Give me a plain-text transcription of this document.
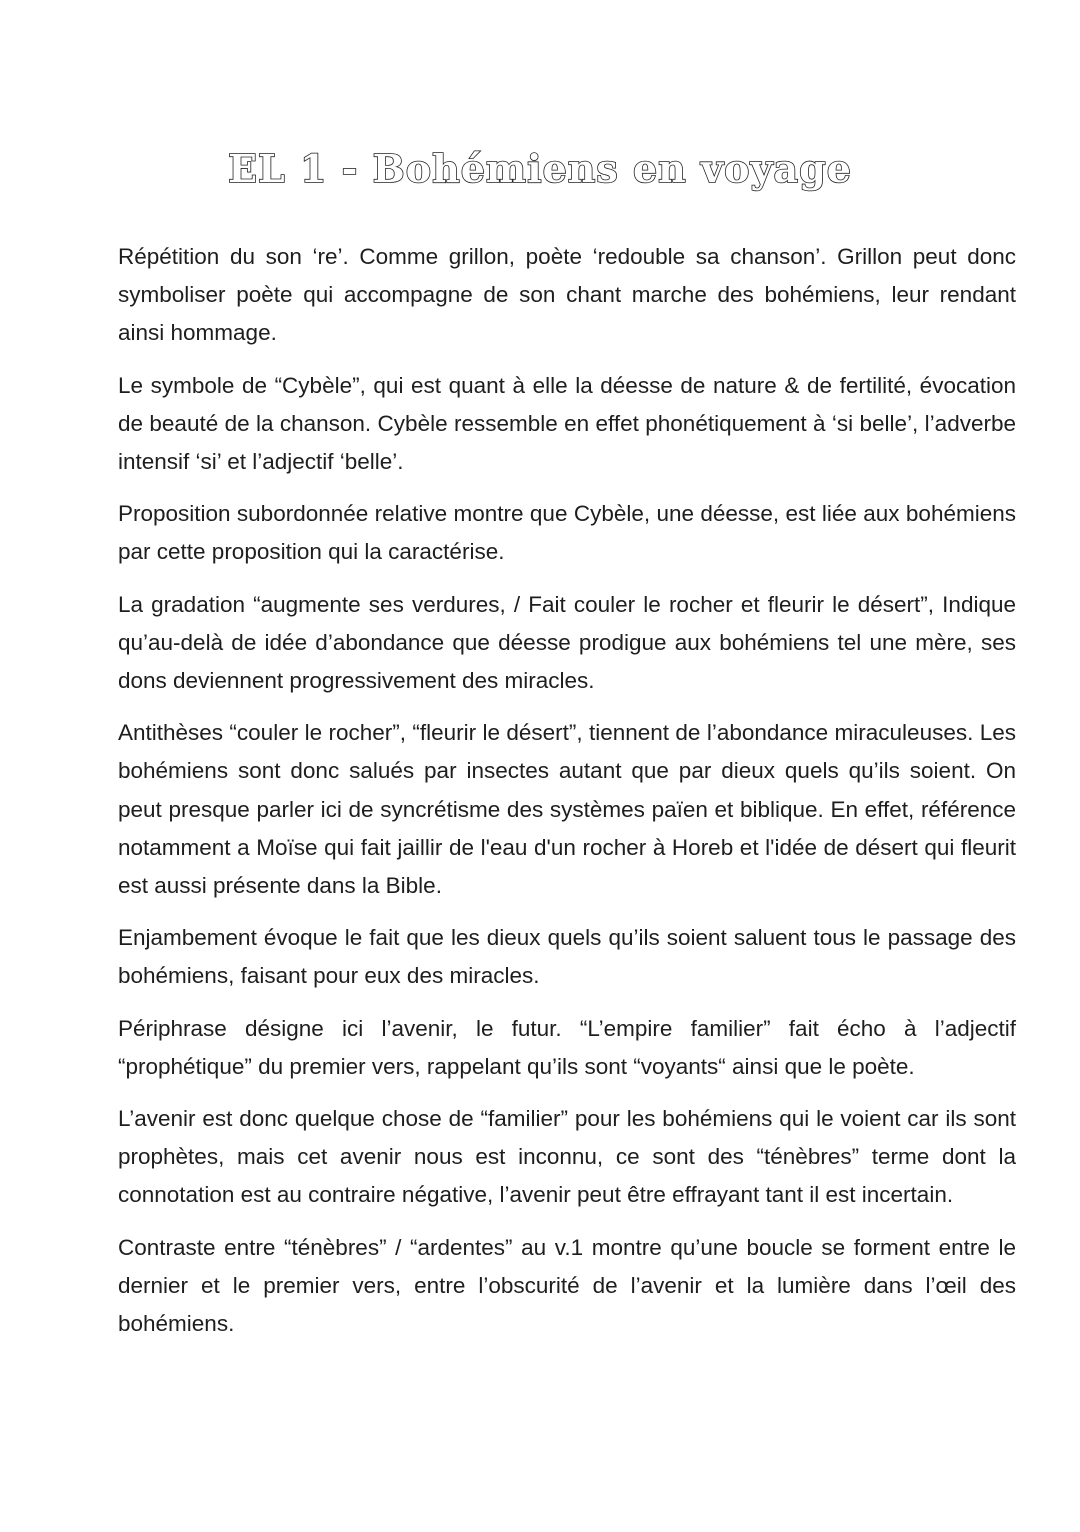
EL 1 - Bohémiens en voyage

Répétition du son ‘re’. Comme grillon, poète ‘redouble sa chanson’. Grillon peut donc symboliser poète qui accompagne de son chant marche des bohémiens, leur rendant ainsi hommage.

Le symbole de “Cybèle”, qui est quant à elle la déesse de nature & de fertilité, évocation de beauté de la chanson. Cybèle ressemble en effet phonétiquement à ‘si belle’, l’adverbe intensif ‘si’ et l’adjectif ‘belle’.

Proposition subordonnée relative montre que Cybèle, une déesse, est liée aux bohémiens par cette proposition qui la caractérise.

La gradation “augmente ses verdures, / Fait couler le rocher et fleurir le désert”, Indique qu’au-delà de idée d’abondance que déesse prodigue aux bohémiens tel une mère, ses dons deviennent progressivement des miracles.

Antithèses “couler le rocher”, “fleurir le désert”, tiennent de l’abondance miraculeuses. Les bohémiens sont donc salués par insectes autant que par dieux quels qu’ils soient. On peut presque parler ici de syncrétisme des systèmes païen et biblique. En effet, référence notamment a Moïse qui fait jaillir de l'eau d'un rocher à Horeb et l'idée de désert qui fleurit est aussi présente dans la Bible.

Enjambement évoque le fait que les dieux quels qu’ils soient saluent tous le passage des bohémiens, faisant pour eux des miracles.

Périphrase désigne ici l’avenir, le futur. “L’empire familier” fait écho à l’adjectif “prophétique” du premier vers, rappelant qu’ils sont “voyants“ ainsi que le poète.

L’avenir est donc quelque chose de “familier” pour les bohémiens qui le voient car ils sont prophètes, mais cet avenir nous est inconnu, ce sont des “ténèbres” terme dont la connotation est au contraire négative, l’avenir peut être effrayant tant il est incertain.

Contraste entre “ténèbres” / “ardentes” au v.1 montre qu’une boucle se forment entre le dernier et le premier vers, entre l’obscurité de l’avenir et la lumière dans l’œil des bohémiens.
